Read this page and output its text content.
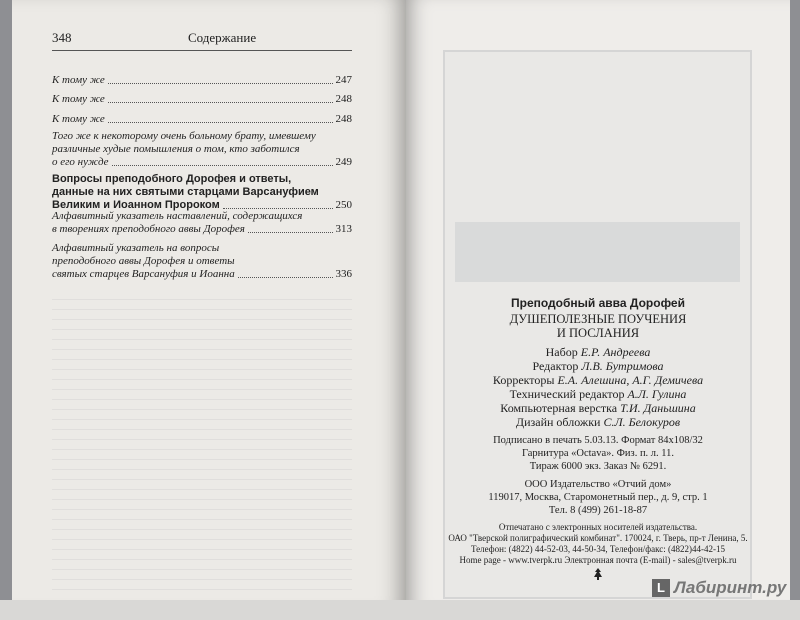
348	Содержание
К тому же	247
К тому же	248
К тому же	248
Того же к некоторому очень больному брату, имевшему
различные худые помышления о том, кто заботился
о его нужде	249
Вопросы преподобного Дорофея и ответы,
данные на них святыми старцами Варсануфием
Великим и Иоанном Пророком	250
Алфавитный указатель наставлений, содержащихся
в творениях преподобного аввы Дорофея	313
Алфавитный указатель на вопросы
преподобного аввы Дорофея и ответы
святых старцев Варсануфия и Иоанна	336

Преподобный авва Дорофей

ДУШЕПОЛЕЗНЫЕ ПОУЧЕНИЯ
И ПОСЛАНИЯ

Набор Е.Р. Андреева
Редактор Л.В. Бутримова
Корректоры Е.А. Алешина, А.Г. Демичева
Технический редактор А.Л. Гулина
Компьютерная верстка Т.И. Даньшина
Дизайн обложки С.Л. Белокуров
Подписано в печать 5.03.13. Формат 84x108/32
Гарнитура «Octava». Физ. п. л. 11.
Тираж 6000 экз. Заказ № 6291.
ООО Издательство «Отчий дом»
119017, Москва, Старомонетный пер., д. 9, стр. 1
Тел. 8 (499) 261-18-87
Отпечатано с электронных носителей издательства.
ОАО "Тверской полиграфический комбинат". 170024, г. Тверь, пр-т Ленина, 5.
Телефон: (4822) 44-52-03, 44-50-34, Телефон/факс: (4822)44-42-15
Home page - www.tverpk.ru Электронная почта (E-mail) - sales@tverpk.ru
L Лабиринт.ру
